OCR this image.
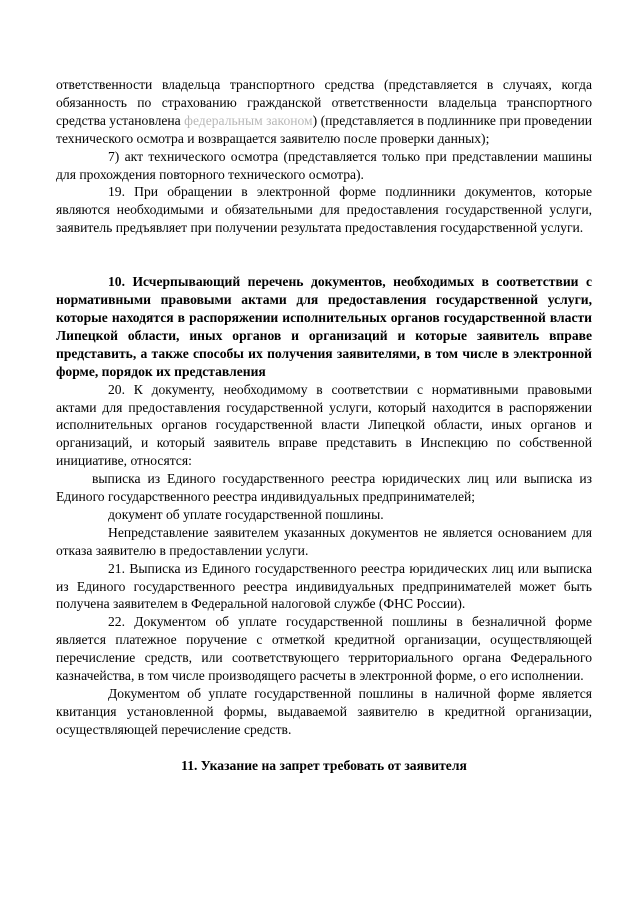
ответственности владельца транспортного средства (представляется в случаях, когда обязанность по страхованию гражданской ответственности владельца транспортного средства установлена федеральным законом) (представляется в подлиннике при проведении технического осмотра и возвращается заявителю после проверки данных);

7) акт технического осмотра (представляется только при представлении машины для прохождения повторного технического осмотра).

19. При обращении в электронной форме подлинники документов, которые являются необходимыми и обязательными для предоставления государственной услуги, заявитель предъявляет при получении результата предоставления государственной услуги.

10. Исчерпывающий перечень документов, необходимых в соответствии с нормативными правовыми актами для предоставления государственной услуги, которые находятся в распоряжении исполнительных органов государственной власти Липецкой области, иных органов и организаций и которые заявитель вправе представить, а также способы их получения заявителями, в том числе в электронной форме, порядок их представления

20. К документу, необходимому в соответствии с нормативными правовыми актами для предоставления государственной услуги, который находится в распоряжении исполнительных органов государственной власти Липецкой области, иных органов и организаций, и который заявитель вправе представить в Инспекцию по собственной инициативе, относятся:

выписка из Единого государственного реестра юридических лиц или выписка из Единого государственного реестра индивидуальных предпринимателей;

документ об уплате государственной пошлины.

Непредставление заявителем указанных документов не является основанием для отказа заявителю в предоставлении услуги.

21. Выписка из Единого государственного реестра юридических лиц или выписка из Единого государственного реестра индивидуальных предпринимателей может быть получена заявителем в Федеральной налоговой службе (ФНС России).

22. Документом об уплате государственной пошлины в безналичной форме является платежное поручение с отметкой кредитной организации, осуществляющей перечисление средств, или соответствующего территориального органа Федерального казначейства, в том числе производящего расчеты в электронной форме, о его исполнении.

Документом об уплате государственной пошлины в наличной форме является квитанция установленной формы, выдаваемой заявителю в кредитной организации, осуществляющей перечисление средств.

11. Указание на запрет требовать от заявителя
